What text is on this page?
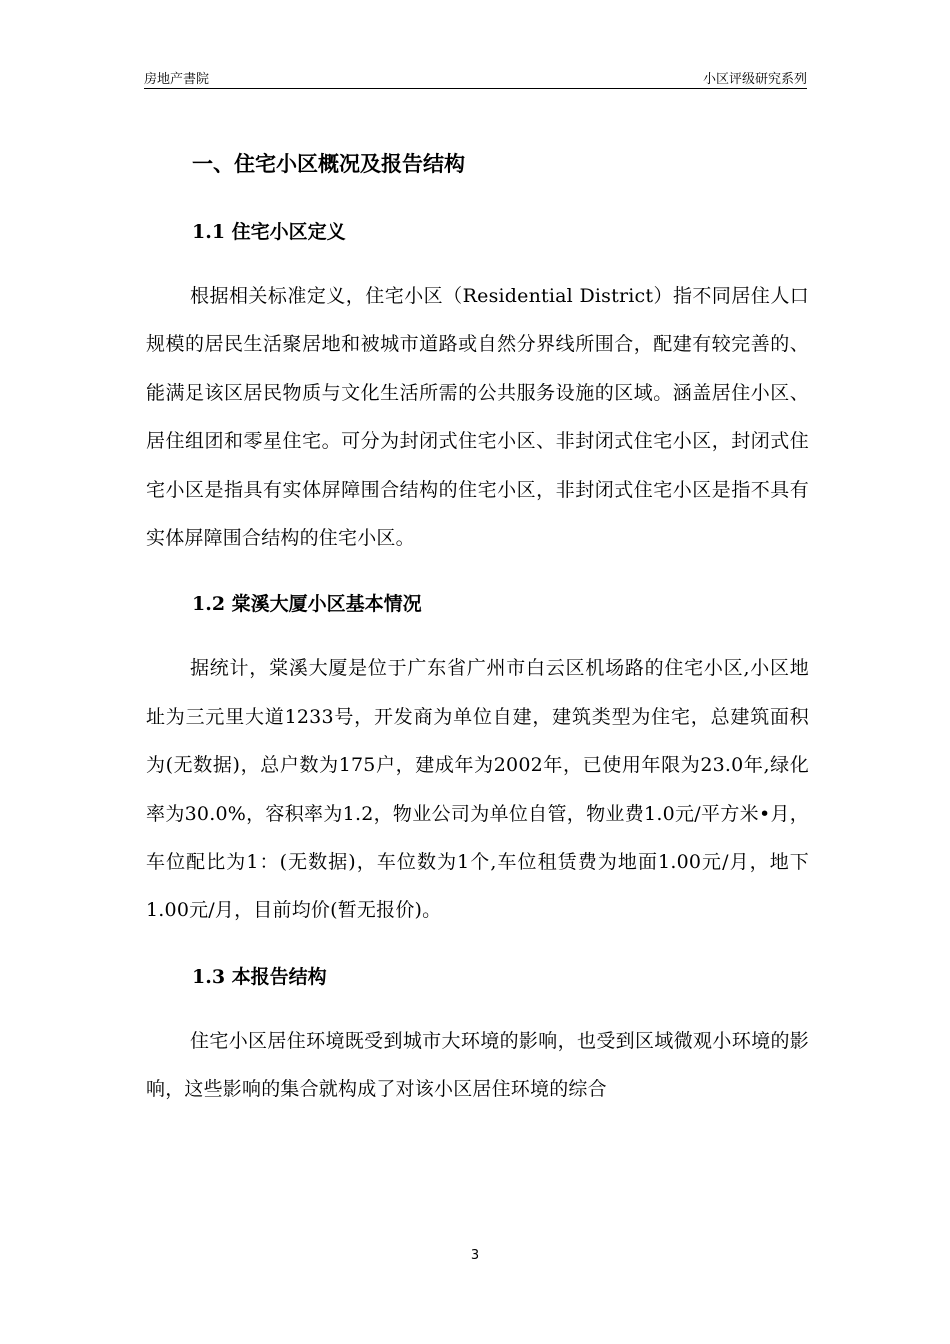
房地产書院	小区评级研究系列
一、住宅小区概况及报告结构
1.1 住宅小区定义

根据相关标准定义，住宅小区（Residential District）指不同居住人口规模的居民生活聚居地和被城市道路或自然分界线所围合，配建有较完善的、能满足该区居民物质与文化生活所需的公共服务设施的区域。涵盖居住小区、居住组团和零星住宅。可分为封闭式住宅小区、非封闭式住宅小区，封闭式住宅小区是指具有实体屏障围合结构的住宅小区，非封闭式住宅小区是指不具有实体屏障围合结构的住宅小区。

1.2 棠溪大厦小区基本情况

据统计，棠溪大厦是位于广东省广州市白云区机场路的住宅小区,小区地址为三元里大道1233号，开发商为单位自建，建筑类型为住宅，总建筑面积为(无数据)，总户数为175户，建成年为2002年，已使用年限为23.0年,绿化率为30.0%，容积率为1.2，物业公司为单位自管，物业费1.0元/平方米•月，车位配比为1：(无数据)，车位数为1个,车位租赁费为地面1.00元/月，地下1.00元/月，目前均价(暂无报价)。

1.3 本报告结构

住宅小区居住环境既受到城市大环境的影响，也受到区域微观小环境的影响，这些影响的集合就构成了对该小区居住环境的综合

3
